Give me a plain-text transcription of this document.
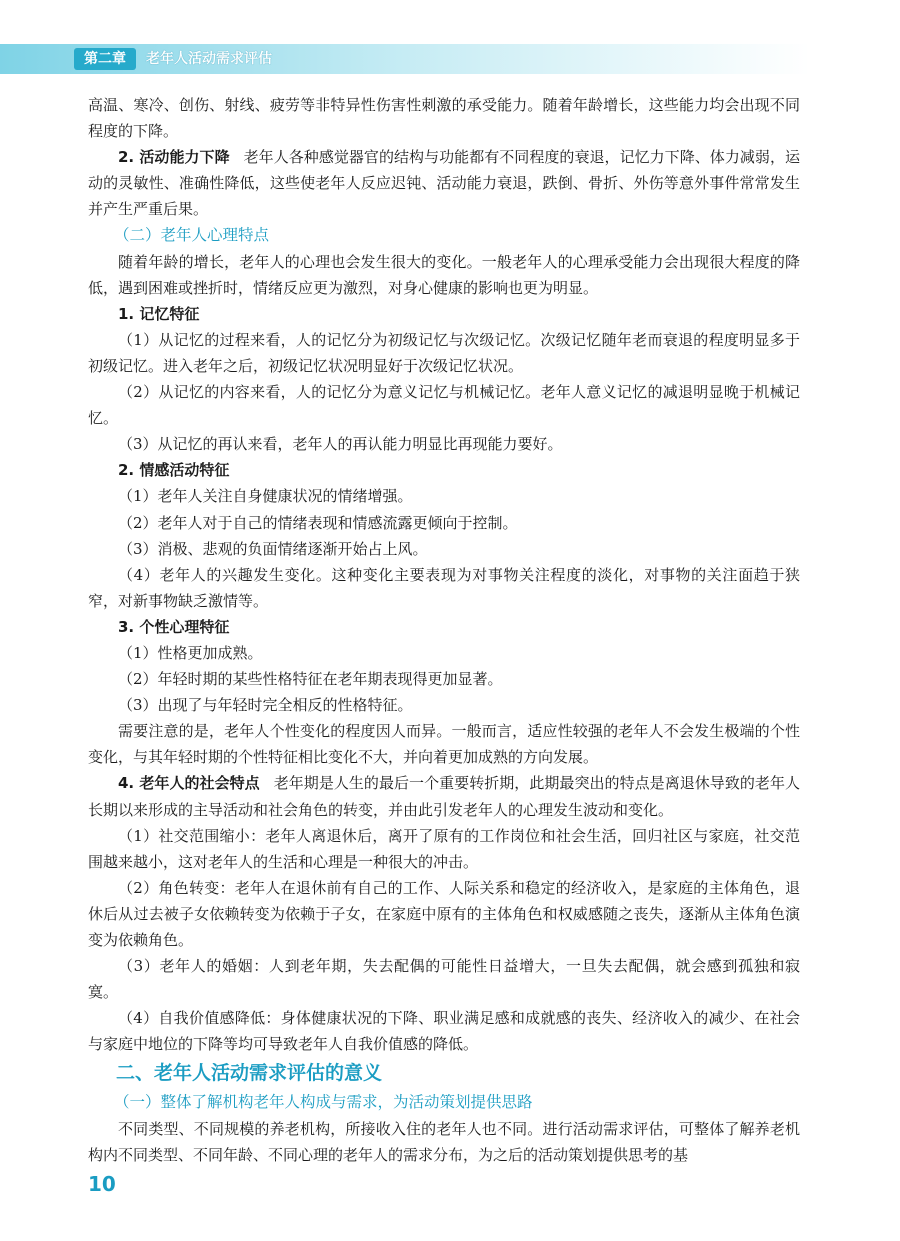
第二章	老年人活动需求评估

高温、寒冷、创伤、射线、疲劳等非特异性伤害性刺激的承受能力。随着年龄增长，这些能力均会出现不同程度的下降。

2. 活动能力下降 老年人各种感觉器官的结构与功能都有不同程度的衰退，记忆力下降、体力减弱，运动的灵敏性、准确性降低，这些使老年人反应迟钝、活动能力衰退，跌倒、骨折、外伤等意外事件常常发生并产生严重后果。

（二）老年人心理特点

随着年龄的增长，老年人的心理也会发生很大的变化。一般老年人的心理承受能力会出现很大程度的降低，遇到困难或挫折时，情绪反应更为激烈，对身心健康的影响也更为明显。

1. 记忆特征

（1）从记忆的过程来看，人的记忆分为初级记忆与次级记忆。次级记忆随年老而衰退的程度明显多于初级记忆。进入老年之后，初级记忆状况明显好于次级记忆状况。

（2）从记忆的内容来看，人的记忆分为意义记忆与机械记忆。老年人意义记忆的减退明显晚于机械记忆。

（3）从记忆的再认来看，老年人的再认能力明显比再现能力要好。

2. 情感活动特征

（1）老年人关注自身健康状况的情绪增强。

（2）老年人对于自己的情绪表现和情感流露更倾向于控制。

（3）消极、悲观的负面情绪逐渐开始占上风。

（4）老年人的兴趣发生变化。这种变化主要表现为对事物关注程度的淡化，对事物的关注面趋于狭窄，对新事物缺乏激情等。

3. 个性心理特征

（1）性格更加成熟。

（2）年轻时期的某些性格特征在老年期表现得更加显著。

（3）出现了与年轻时完全相反的性格特征。

需要注意的是，老年人个性变化的程度因人而异。一般而言，适应性较强的老年人不会发生极端的个性变化，与其年轻时期的个性特征相比变化不大，并向着更加成熟的方向发展。

4. 老年人的社会特点 老年期是人生的最后一个重要转折期，此期最突出的特点是离退休导致的老年人长期以来形成的主导活动和社会角色的转变，并由此引发老年人的心理发生波动和变化。

（1）社交范围缩小：老年人离退休后，离开了原有的工作岗位和社会生活，回归社区与家庭，社交范围越来越小，这对老年人的生活和心理是一种很大的冲击。

（2）角色转变：老年人在退休前有自己的工作、人际关系和稳定的经济收入，是家庭的主体角色，退休后从过去被子女依赖转变为依赖于子女，在家庭中原有的主体角色和权威感随之丧失，逐渐从主体角色演变为依赖角色。

（3）老年人的婚姻：人到老年期，失去配偶的可能性日益增大，一旦失去配偶，就会感到孤独和寂寞。

（4）自我价值感降低：身体健康状况的下降、职业满足感和成就感的丧失、经济收入的减少、在社会与家庭中地位的下降等均可导致老年人自我价值感的降低。

二、老年人活动需求评估的意义

（一）整体了解机构老年人构成与需求，为活动策划提供思路

不同类型、不同规模的养老机构，所接收入住的老年人也不同。进行活动需求评估，可整体了解养老机构内不同类型、不同年龄、不同心理的老年人的需求分布，为之后的活动策划提供思考的基

10
